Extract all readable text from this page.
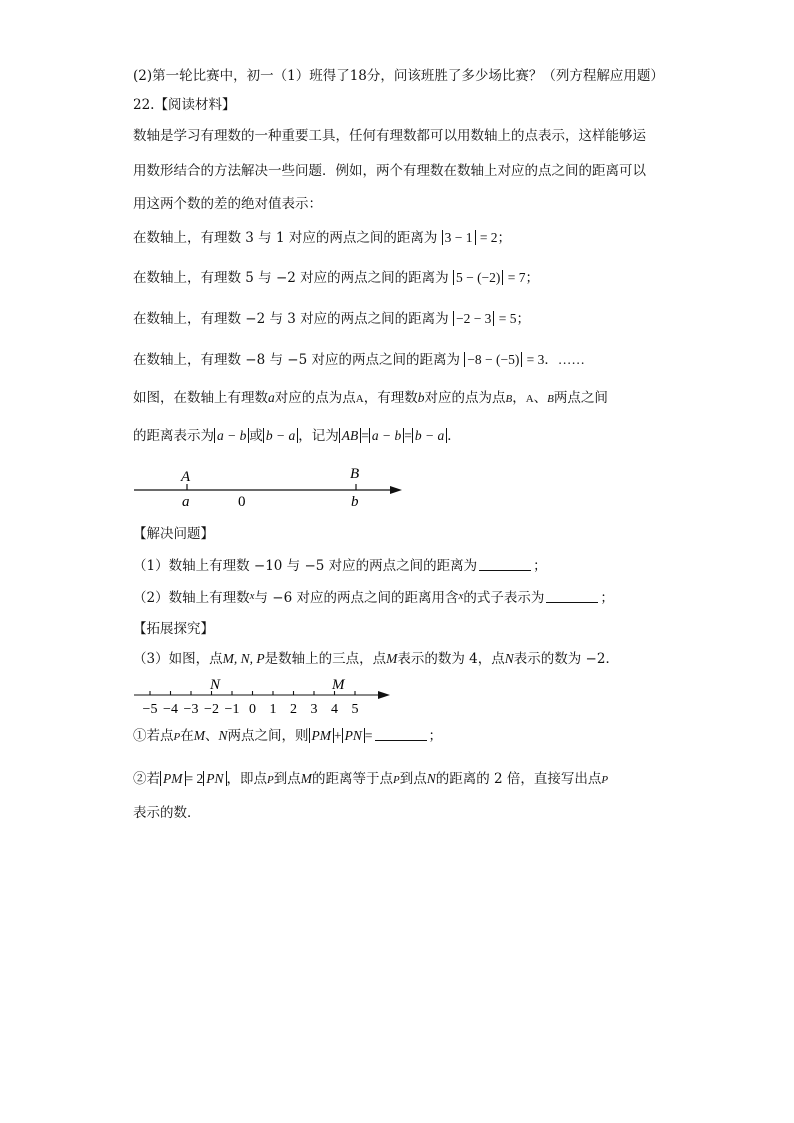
(2)第一轮比赛中，初一（1）班得了18分，问该班胜了多少场比赛？（列方程解应用题）
22.【阅读材料】
数轴是学习有理数的一种重要工具，任何有理数都可以用数轴上的点表示，这样能够运
用数形结合的方法解决一些问题．例如，两个有理数在数轴上对应的点之间的距离可以
用这两个数的差的绝对值表示：
在数轴上，有理数 3 与 1 对应的两点之间的距离为 3 − 1 = 2；
在数轴上，有理数 5 与 −2 对应的两点之间的距离为 5 − (−2) = 7；
在数轴上，有理数 −2 与 3 对应的两点之间的距离为 −2 − 3 = 5；
在数轴上，有理数 −8 与 −5 对应的两点之间的距离为 −8 − (−5) = 3．……
如图，在数轴上有理数a对应的点为点A，有理数b对应的点为点B，A、B两点之间
的距离表示为 a − b 或 b − a ，记为 AB = a − b = b − a ．
A	B
a	0	b
【解决问题】
（1）数轴上有理数 −10 与 −5 对应的两点之间的距离为	；
（2）数轴上有理数$^x$与 −6 对应的两点之间的距离用含$^x$的式子表示为	；
【拓展探究】
（3）如图，点M, N, P是数轴上的三点，点M表示的数为 4，点N表示的数为 −2．
−5 −4 −3 −2 −1 0 1 2 3 4 5
N	M
①若点P在M、N两点之间，则 PM + PN =	；
②若 PM = 2 PN ，即点P到点M的距离等于点P到点N的距离的 2 倍，直接写出点P
表示的数．
